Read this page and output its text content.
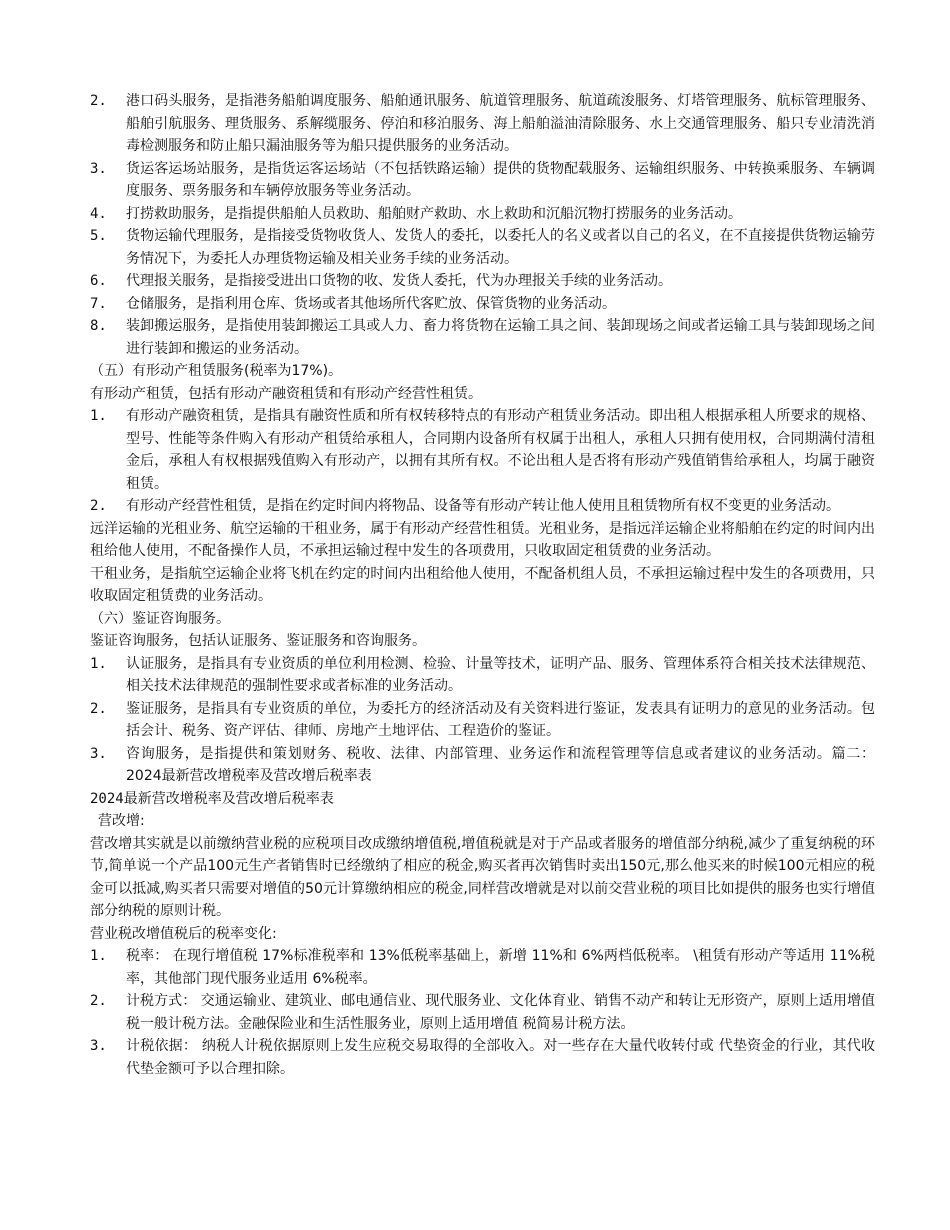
2.	港口码头服务，是指港务船舶调度服务、船舶通讯服务、航道管理服务、航道疏浚服务、灯塔管理服务、航标管理服务、船舶引航服务、理货服务、系解缆服务、停泊和移泊服务、海上船舶溢油清除服务、水上交通管理服务、船只专业清洗消毒检测服务和防止船只漏油服务等为船只提供服务的业务活动。
3.	货运客运场站服务，是指货运客运场站（不包括铁路运输）提供的货物配载服务、运输组织服务、中转换乘服务、车辆调度服务、票务服务和车辆停放服务等业务活动。
4.	打捞救助服务，是指提供船舶人员救助、船舶财产救助、水上救助和沉船沉物打捞服务的业务活动。
5.	货物运输代理服务，是指接受货物收货人、发货人的委托，以委托人的名义或者以自己的名义，在不直接提供货物运输劳务情况下，为委托人办理货物运输及相关业务手续的业务活动。
6.	代理报关服务，是指接受进出口货物的收、发货人委托，代为办理报关手续的业务活动。
7.	仓储服务，是指利用仓库、货场或者其他场所代客贮放、保管货物的业务活动。
8.	装卸搬运服务，是指使用装卸搬运工具或人力、畜力将货物在运输工具之间、装卸现场之间或者运输工具与装卸现场之间进行装卸和搬运的业务活动。
（五）有形动产租赁服务(税率为17%)。
有形动产租赁，包括有形动产融资租赁和有形动产经营性租赁。
1.	有形动产融资租赁，是指具有融资性质和所有权转移特点的有形动产租赁业务活动。即出租人根据承租人所要求的规格、型号、性能等条件购入有形动产租赁给承租人，合同期内设备所有权属于出租人，承租人只拥有使用权，合同期满付清租金后，承租人有权根据残值购入有形动产，以拥有其所有权。不论出租人是否将有形动产残值销售给承租人，均属于融资租赁。
2.	有形动产经营性租赁，是指在约定时间内将物品、设备等有形动产转让他人使用且租赁物所有权不变更的业务活动。
远洋运输的光租业务、航空运输的干租业务，属于有形动产经营性租赁。光租业务，是指远洋运输企业将船舶在约定的时间内出租给他人使用，不配备操作人员，不承担运输过程中发生的各项费用，只收取固定租赁费的业务活动。
干租业务，是指航空运输企业将飞机在约定的时间内出租给他人使用，不配备机组人员，不承担运输过程中发生的各项费用，只收取固定租赁费的业务活动。
（六）鉴证咨询服务。
鉴证咨询服务，包括认证服务、鉴证服务和咨询服务。
1.	认证服务，是指具有专业资质的单位利用检测、检验、计量等技术，证明产品、服务、管理体系符合相关技术法律规范、相关技术法律规范的强制性要求或者标准的业务活动。
2.	鉴证服务，是指具有专业资质的单位，为委托方的经济活动及有关资料进行鉴证，发表具有证明力的意见的业务活动。包括会计、税务、资产评估、律师、房地产土地评估、工程造价的鉴证。
3.	咨询服务，是指提供和策划财务、税收、法律、内部管理、业务运作和流程管理等信息或者建议的业务活动。篇二：2024最新营改增税率及营改增后税率表
2024最新营改增税率及营改增后税率表
营改增:
营改增其实就是以前缴纳营业税的应税项目改成缴纳增值税,增值税就是对于产品或者服务的增值部分纳税,减少了重复纳税的环节,简单说一个产品100元生产者销售时已经缴纳了相应的税金,购买者再次销售时卖出150元,那么他买来的时候100元相应的税金可以抵减,购买者只需要对增值的50元计算缴纳相应的税金,同样营改增就是对以前交营业税的项目比如提供的服务也实行增值部分纳税的原则计税。
营业税改增值税后的税率变化:
1.	税率： 在现行增值税 17%标准税率和 13%低税率基础上，新增 11%和 6%两档低税率。 \租赁有形动产等适用 11%税率，其他部门现代服务业适用 6%税率。
2.	计税方式： 交通运输业、建筑业、邮电通信业、现代服务业、文化体育业、销售不动产和转让无形资产，原则上适用增值税一般计税方法。金融保险业和生活性服务业，原则上适用增值 税简易计税方法。
3.	计税依据： 纳税人计税依据原则上发生应税交易取得的全部收入。对一些存在大量代收转付或 代垫资金的行业，其代收代垫金额可予以合理扣除。
